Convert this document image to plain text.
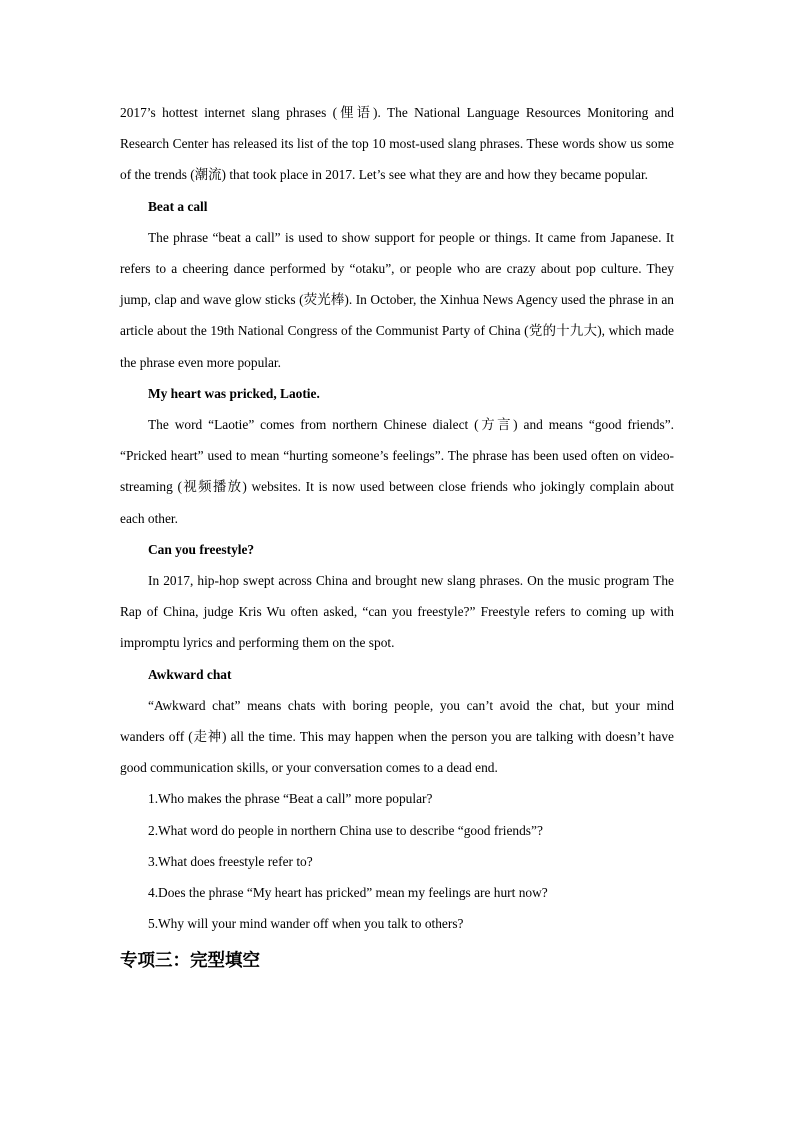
2017’s hottest internet slang phrases (俚语). The National Language Resources Monitoring and Research Center has released its list of the top 10 most-used slang phrases. These words show us some of the trends (潮流) that took place in 2017. Let’s see what they are and how they became popular.

Beat a call

The phrase “beat a call” is used to show support for people or things. It came from Japanese. It refers to a cheering dance performed by “otaku”, or people who are crazy about pop culture. They jump, clap and wave glow sticks (荧光棒). In October, the Xinhua News Agency used the phrase in an article about the 19th National Congress of the Communist Party of China (党的十九大), which made the phrase even more popular.

My heart was pricked, Laotie.

The word “Laotie” comes from northern Chinese dialect (方言) and means “good friends”. “Pricked heart” used to mean “hurting someone’s feelings”. The phrase has been used often on video-streaming (视频播放) websites. It is now used between close friends who jokingly complain about each other.

Can you freestyle?

In 2017, hip-hop swept across China and brought new slang phrases. On the music program The Rap of China, judge Kris Wu often asked, “can you freestyle?” Freestyle refers to coming up with impromptu lyrics and performing them on the spot.

Awkward chat

“Awkward chat” means chats with boring people, you can’t avoid the chat, but your mind wanders off (走神) all the time. This may happen when the person you are talking with doesn’t have good communication skills, or your conversation comes to a dead end.

1.Who makes the phrase “Beat a call” more popular?

2.What word do people in northern China use to describe “good friends”?

3.What does freestyle refer to?

4.Does the phrase “My heart has pricked” mean my feelings are hurt now?

5.Why will your mind wander off when you talk to others?

专项三：完型填空
